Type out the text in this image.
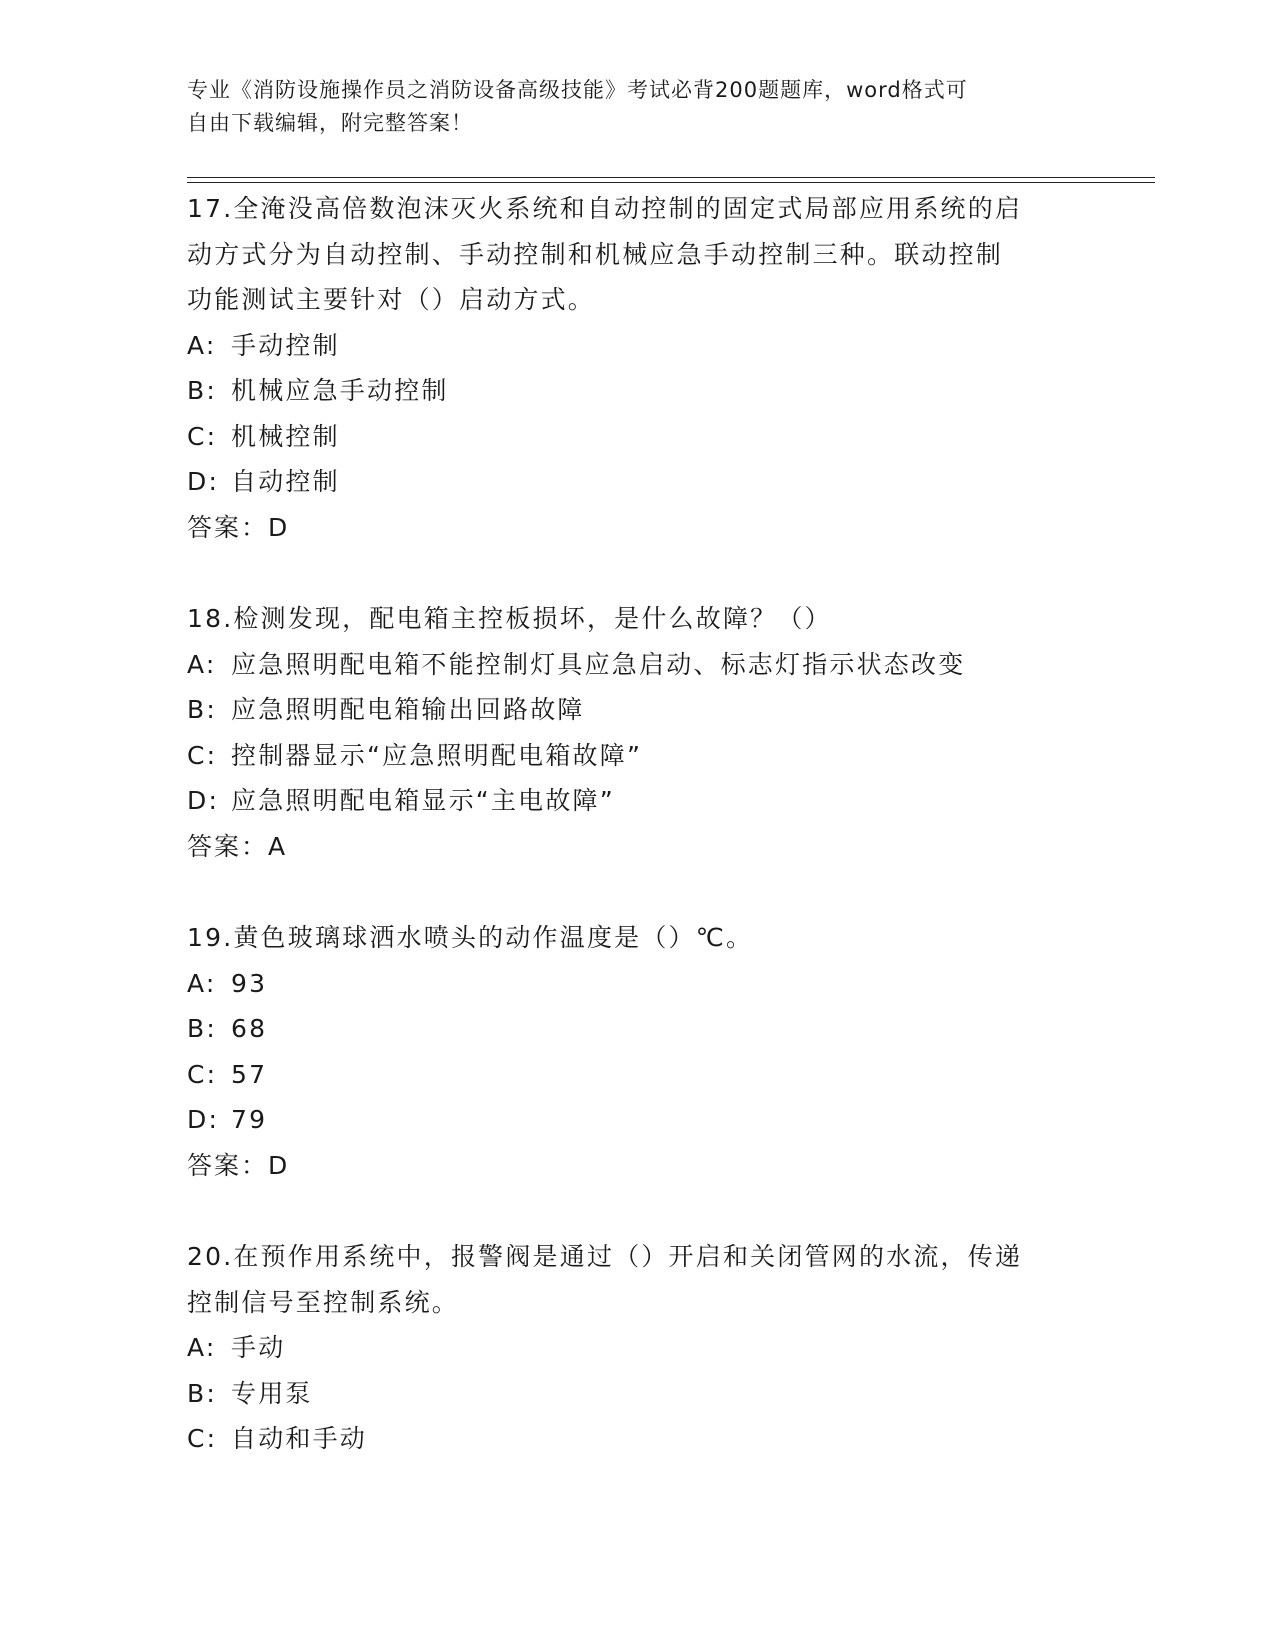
专业《消防设施操作员之消防设备高级技能》考试必背200题题库，word格式可
自由下载编辑，附完整答案！
17.全淹没高倍数泡沫灭火系统和自动控制的固定式局部应用系统的启
动方式分为自动控制、手动控制和机械应急手动控制三种。联动控制
功能测试主要针对（）启动方式。
A: 手动控制
B: 机械应急手动控制
C: 机械控制
D: 自动控制
答案：D
18.检测发现，配电箱主控板损坏，是什么故障？（）
A: 应急照明配电箱不能控制灯具应急启动、标志灯指示状态改变
B: 应急照明配电箱输出回路故障
C: 控制器显示“应急照明配电箱故障”
D: 应急照明配电箱显示“主电故障”
答案：A
19.黄色玻璃球洒水喷头的动作温度是（）℃。
A: 93
B: 68
C: 57
D: 79
答案：D
20.在预作用系统中，报警阀是通过（）开启和关闭管网的水流，传递
控制信号至控制系统。
A: 手动
B: 专用泵
C: 自动和手动
